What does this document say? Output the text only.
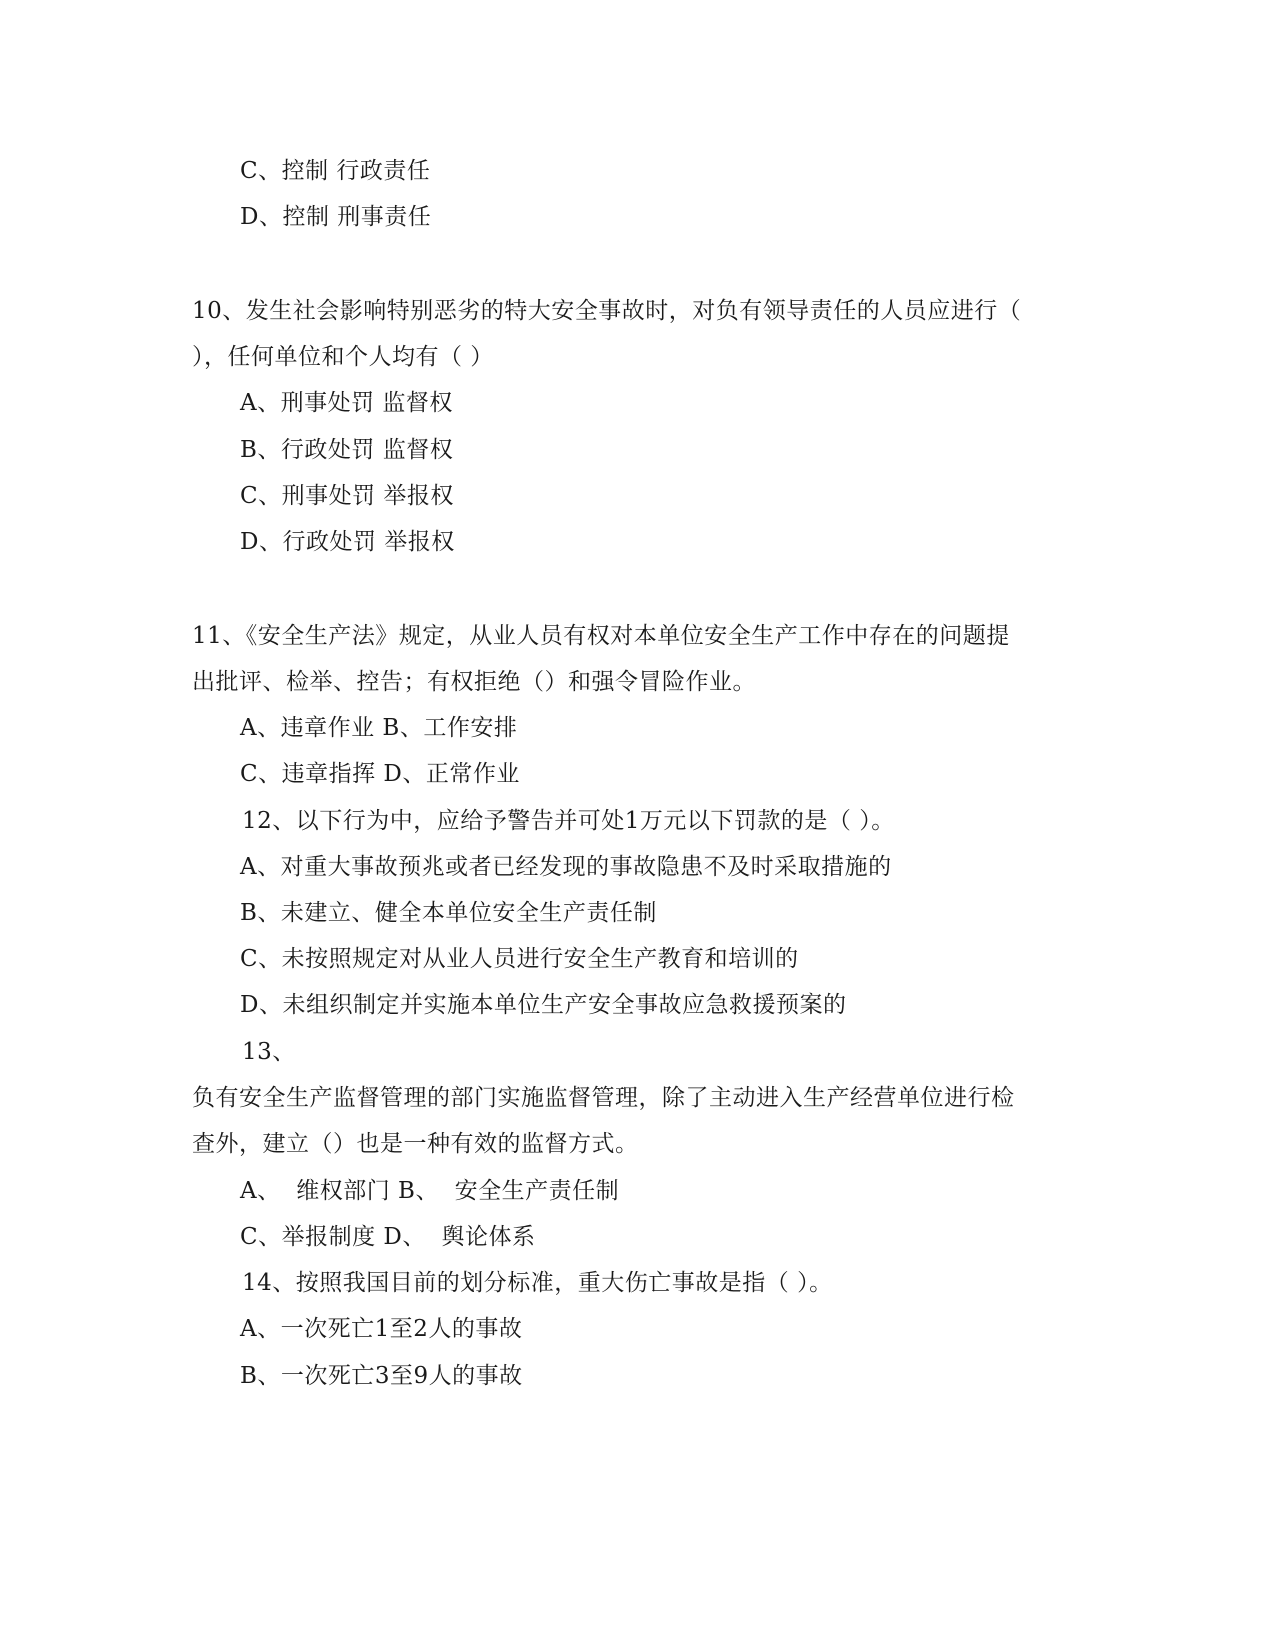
C、控制 行政责任
D、控制 刑事责任
10、发生社会影响特别恶劣的特大安全事故时，对负有领导责任的人员应进行（
），任何单位和个人均有（ ）
A、刑事处罚 监督权
B、行政处罚 监督权
C、刑事处罚 举报权
D、行政处罚 举报权
11、《安全生产法》规定，从业人员有权对本单位安全生产工作中存在的问题提
出批评、检举、控告；有权拒绝（）和强令冒险作业。
A、违章作业 B、工作安排
C、违章指挥 D、正常作业
12、以下行为中，应给予警告并可处1万元以下罚款的是（ ）。
A、对重大事故预兆或者已经发现的事故隐患不及时采取措施的
B、未建立、健全本单位安全生产责任制
C、未按照规定对从业人员进行安全生产教育和培训的
D、未组织制定并实施本单位生产安全事故应急救援预案的
13、
负有安全生产监督管理的部门实施监督管理，除了主动进入生产经营单位进行检
查外，建立（）也是一种有效的监督方式。
A、  维权部门 B、  安全生产责任制
C、举报制度 D、  舆论体系
14、按照我国目前的划分标准，重大伤亡事故是指（ ）。
A、一次死亡1至2人的事故
B、一次死亡3至9人的事故
